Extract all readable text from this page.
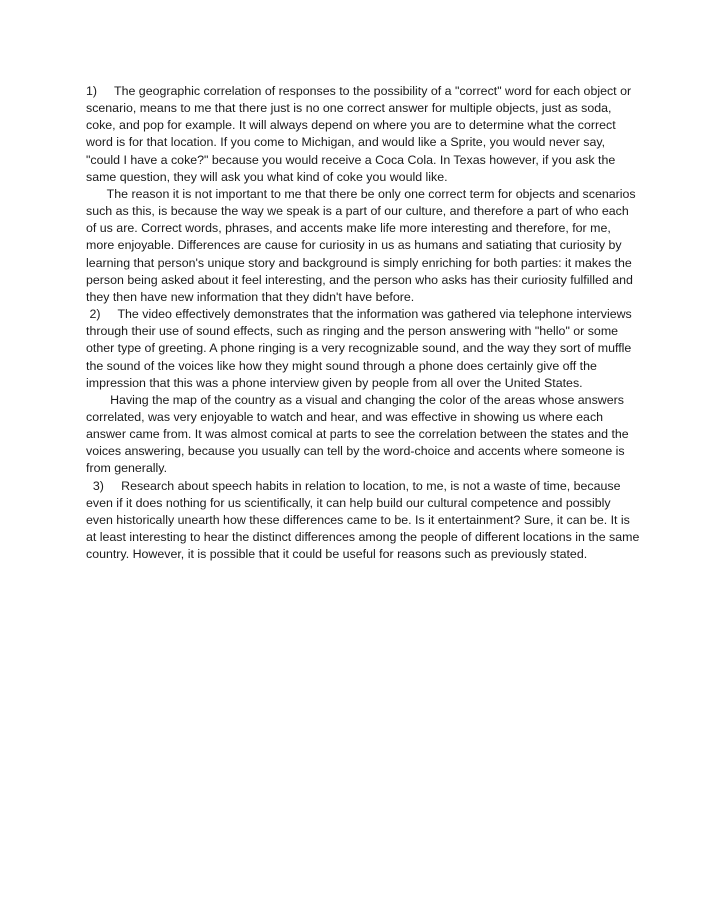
1)     The geographic correlation of responses to the possibility of a "correct" word for each object or scenario, means to me that there just is no one correct answer for multiple objects, just as soda, coke, and pop for example. It will always depend on where you are to determine what the correct word is for that location. If you come to Michigan, and would like a Sprite, you would never say, "could I have a coke?" because you would receive a Coca Cola. In Texas however, if you ask the same question, they will ask you what kind of coke you would like.

The reason it is not important to me that there be only one correct term for objects and scenarios such as this, is because the way we speak is a part of our culture, and therefore a part of who each of us are. Correct words, phrases, and accents make life more interesting and therefore, for me, more enjoyable. Differences are cause for curiosity in us as humans and satiating that curiosity by learning that person's unique story and background is simply enriching for both parties: it makes the person being asked about it feel interesting, and the person who asks has their curiosity fulfilled and they then have new information that they didn't have before.

2)     The video effectively demonstrates that the information was gathered via telephone interviews through their use of sound effects, such as ringing and the person answering with "hello" or some other type of greeting. A phone ringing is a very recognizable sound, and the way they sort of muffle the sound of the voices like how they might sound through a phone does certainly give off the impression that this was a phone interview given by people from all over the United States.

Having the map of the country as a visual and changing the color of the areas whose answers correlated, was very enjoyable to watch and hear, and was effective in showing us where each answer came from. It was almost comical at parts to see the correlation between the states and the voices answering, because you usually can tell by the word-choice and accents where someone is from generally.

3)     Research about speech habits in relation to location, to me, is not a waste of time, because even if it does nothing for us scientifically, it can help build our cultural competence and possibly even historically unearth how these differences came to be. Is it entertainment? Sure, it can be. It is at least interesting to hear the distinct differences among the people of different locations in the same country. However, it is possible that it could be useful for reasons such as previously stated.
